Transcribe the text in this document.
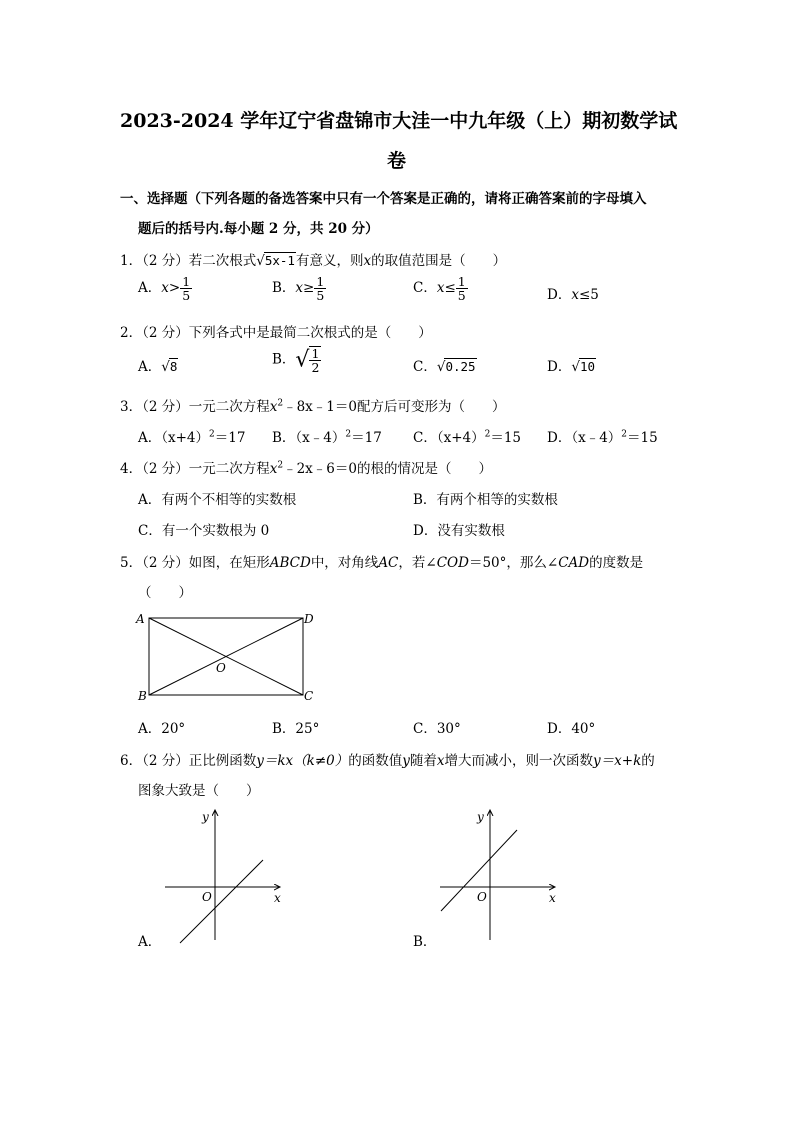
2023-2024 学年辽宁省盘锦市大洼一中九年级（上）期初数学试
卷
一、选择题（下列各题的备选答案中只有一个答案是正确的，请将正确答案前的字母填入
题后的括号内.每小题 2 分，共 20 分）
1．（2 分）若二次根式√5x-1有意义，则x的取值范围是（　　）
A．$x> \frac{1}{5}$	B．$x\ge \frac{1}{5}$	C．$x\le \frac{1}{5}$	D．x≤5
2．（2 分）下列各式中是最简二次根式的是（　　）
A．√8	B．√ $\frac{1}{2}$	C．√0.25	D．√10
3．（2 分）一元二次方程$x^2﹣8x﹣1=0$配方后可变形为（　　）
A．$(x+4)^2=17$ B．（x﹣4）$^2$＝17 C．$(x+4)^2=15$ D．（x﹣4）$^2$＝15
4．（2 分）一元二次方程$x^2﹣2x﹣6=0$的根的情况是（　　）
A．有两个不相等的实数根	B．有两个相等的实数根
C．有一个实数根为 0	D．没有实数根
5．（2 分）如图，在矩形ABCD中，对角线AC，若∠COD＝50°，那么∠CAD的度数是
（　　）
A	D
B	C
O
A．20°	B．25°	C．30°	D．40°
6．（2 分）正比例函数y＝kx（k≠0）的函数值y随着x增大而减小，则一次函数y＝x+k的
图象大致是（　　）
y
x
O
A．
y
x
O
B．
